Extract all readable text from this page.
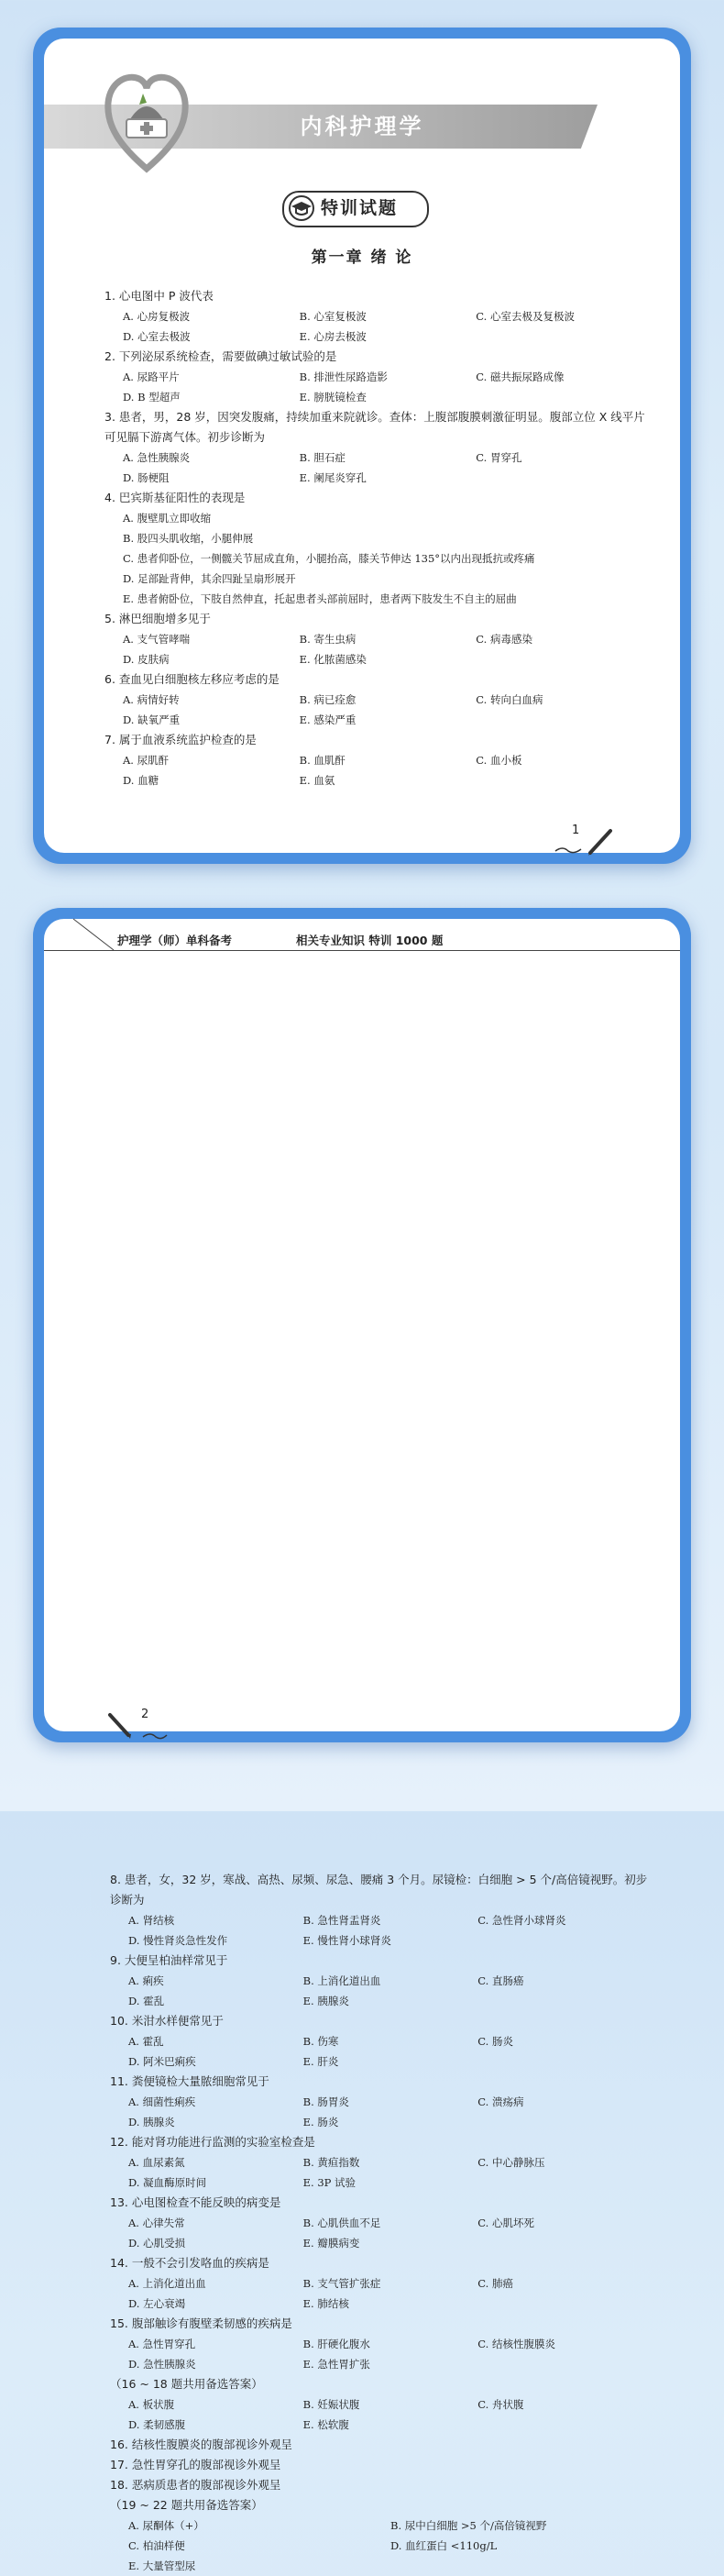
内科护理学
特训试题
第一章 绪 论
1. 心电图中 P 波代表
A. 心房复极波	B. 心室复极波	C. 心室去极及复极波
D. 心室去极波	E. 心房去极波
2. 下列泌尿系统检查，需要做碘过敏试验的是
A. 尿路平片	B. 排泄性尿路造影	C. 磁共振尿路成像
D. B 型超声	E. 膀胱镜检查
3. 患者，男，28 岁，因突发腹痛，持续加重来院就诊。查体：上腹部腹膜刺激征明显。腹部立位 X 线平片可见膈下游离气体。初步诊断为
A. 急性胰腺炎	B. 胆石症	C. 胃穿孔
D. 肠梗阻	E. 阑尾炎穿孔
4. 巴宾斯基征阳性的表现是
A. 腹壁肌立即收缩
B. 股四头肌收缩，小腿伸展
C. 患者仰卧位，一侧髋关节屈成直角，小腿抬高，膝关节伸达 135°以内出现抵抗或疼痛
D. 足部趾背伸，其余四趾呈扇形展开
E. 患者俯卧位，下肢自然伸直，托起患者头部前屈时，患者两下肢发生不自主的屈曲
5. 淋巴细胞增多见于
A. 支气管哮喘	B. 寄生虫病	C. 病毒感染
D. 皮肤病	E. 化脓菌感染
6. 查血见白细胞核左移应考虑的是
A. 病情好转	B. 病已痊愈	C. 转向白血病
D. 缺氧严重	E. 感染严重
7. 属于血液系统监护检查的是
A. 尿肌酐	B. 血肌酐	C. 血小板
D. 血糖	E. 血氨
1
护理学（师）单科备考	相关专业知识 特训 1000 题
8. 患者，女，32 岁，寒战、高热、尿频、尿急、腰痛 3 个月。尿镜检：白细胞 > 5 个/高倍镜视野。初步诊断为
A. 肾结核	B. 急性肾盂肾炎	C. 急性肾小球肾炎
D. 慢性肾炎急性发作	E. 慢性肾小球肾炎
9. 大便呈柏油样常见于
A. 痢疾	B. 上消化道出血	C. 直肠癌
D. 霍乱	E. 胰腺炎
10. 米泔水样便常见于
A. 霍乱	B. 伤寒	C. 肠炎
D. 阿米巴痢疾	E. 肝炎
11. 粪便镜检大量脓细胞常见于
A. 细菌性痢疾	B. 肠胃炎	C. 溃疡病
D. 胰腺炎	E. 肠炎
12. 能对肾功能进行监测的实验室检查是
A. 血尿素氮	B. 黄疸指数	C. 中心静脉压
D. 凝血酶原时间	E. 3P 试验
13. 心电图检查不能反映的病变是
A. 心律失常	B. 心肌供血不足	C. 心肌坏死
D. 心肌受损	E. 瓣膜病变
14. 一般不会引发咯血的疾病是
A. 上消化道出血	B. 支气管扩张症	C. 肺癌
D. 左心衰竭	E. 肺结核
15. 腹部触诊有腹壁柔韧感的疾病是
A. 急性胃穿孔	B. 肝硬化腹水	C. 结核性腹膜炎
D. 急性胰腺炎	E. 急性胃扩张
（16 ~ 18 题共用备选答案）
A. 板状腹	B. 妊娠状腹	C. 舟状腹
D. 柔韧感腹	E. 松软腹
16. 结核性腹膜炎的腹部视诊外观呈
17. 急性胃穿孔的腹部视诊外观呈
18. 恶病质患者的腹部视诊外观呈
（19 ~ 22 题共用备选答案）
A. 尿酮体（+）	B. 尿中白细胞 >5 个/高倍镜视野
C. 柏油样便	D. 血红蛋白 <110g/L
E. 大量管型尿
2
